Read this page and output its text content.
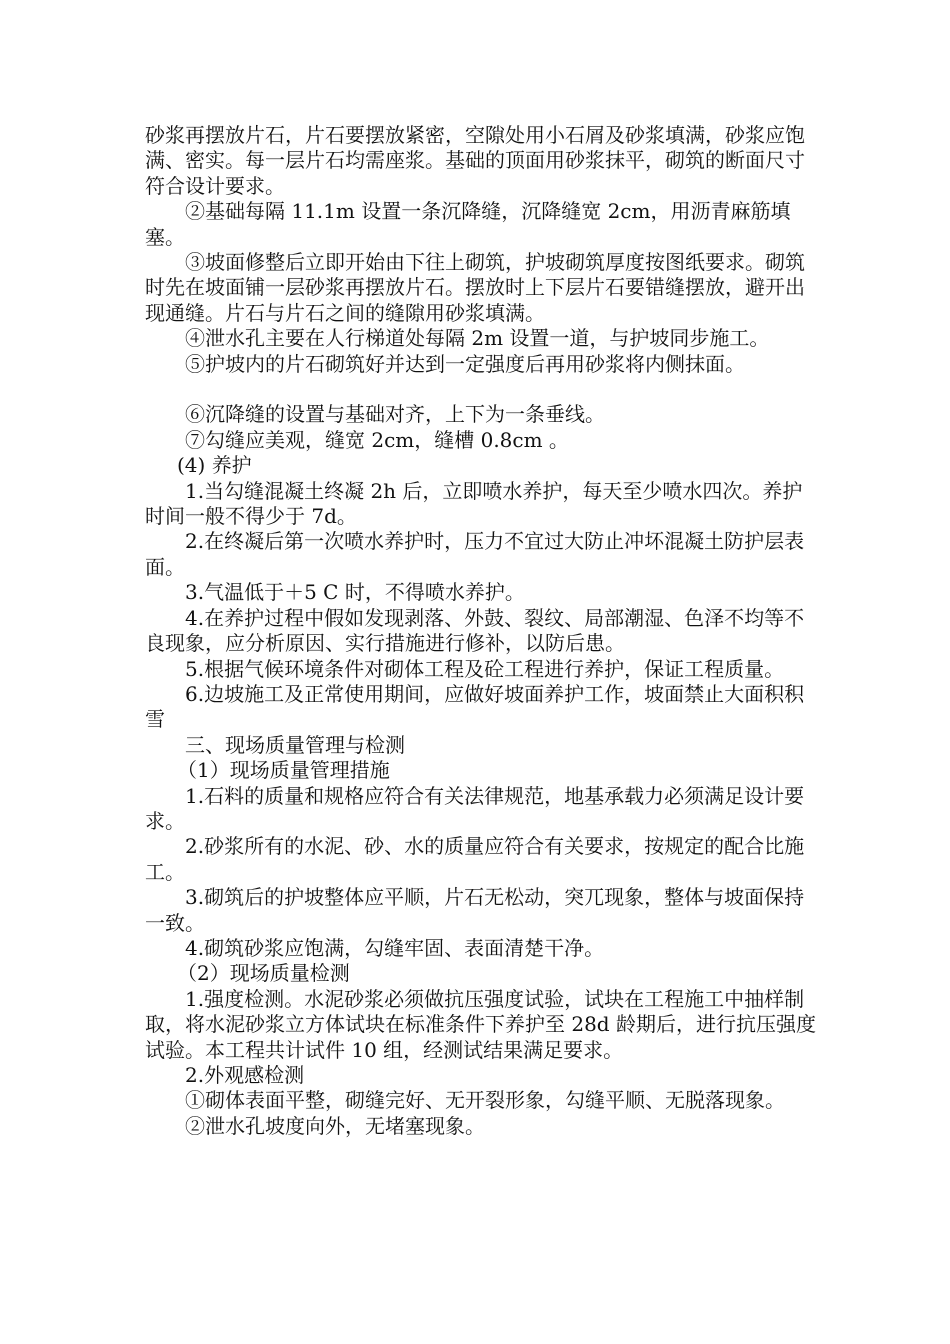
砂浆再摆放片石，片石要摆放紧密，空隙处用小石屑及砂浆填满，砂浆应饱满、密实。每一层片石均需座浆。基础的顶面用砂浆抹平，砌筑的断面尺寸符合设计要求。

②基础每隔 11.1m 设置一条沉降缝，沉降缝宽 2cm，用沥青麻筋填塞。

③坡面修整后立即开始由下往上砌筑，护坡砌筑厚度按图纸要求。砌筑时先在坡面铺一层砂浆再摆放片石。摆放时上下层片石要错缝摆放，避开出现通缝。片石与片石之间的缝隙用砂浆填满。

④泄水孔主要在人行梯道处每隔 2m 设置一道，与护坡同步施工。

⑤护坡内的片石砌筑好并达到一定强度后再用砂浆将内侧抹面。

⑥沉降缝的设置与基础对齐，上下为一条垂线。

⑦勾缝应美观，缝宽 2cm，缝槽 0.8cm 。

(4) 养护

1.当勾缝混凝土终凝 2h 后，立即喷水养护，每天至少喷水四次。养护时间一般不得少于 7d。

2.在终凝后第一次喷水养护时，压力不宜过大防止冲坏混凝土防护层表面。

3.气温低于＋5 C 时，不得喷水养护。

4.在养护过程中假如发现剥落、外鼓、裂纹、局部潮湿、色泽不均等不良现象，应分析原因、实行措施进行修补，以防后患。

5.根据气候环境条件对砌体工程及砼工程进行养护，保证工程质量。

6.边坡施工及正常使用期间，应做好坡面养护工作，坡面禁止大面积积雪

三、现场质量管理与检测

（1）现场质量管理措施

1.石料的质量和规格应符合有关法律规范，地基承载力必须满足设计要求。

2.砂浆所有的水泥、砂、水的质量应符合有关要求，按规定的配合比施工。

3.砌筑后的护坡整体应平顺，片石无松动，突兀现象，整体与坡面保持一致。

4.砌筑砂浆应饱满，勾缝牢固、表面清楚干净。

（2）现场质量检测

1.强度检测。水泥砂浆必须做抗压强度试验，试块在工程施工中抽样制取，将水泥砂浆立方体试块在标准条件下养护至 28d 龄期后，进行抗压强度试验。本工程共计试件 10 组，经测试结果满足要求。

2.外观感检测

①砌体表面平整，砌缝完好、无开裂形象，勾缝平顺、无脱落现象。

②泄水孔坡度向外，无堵塞现象。
